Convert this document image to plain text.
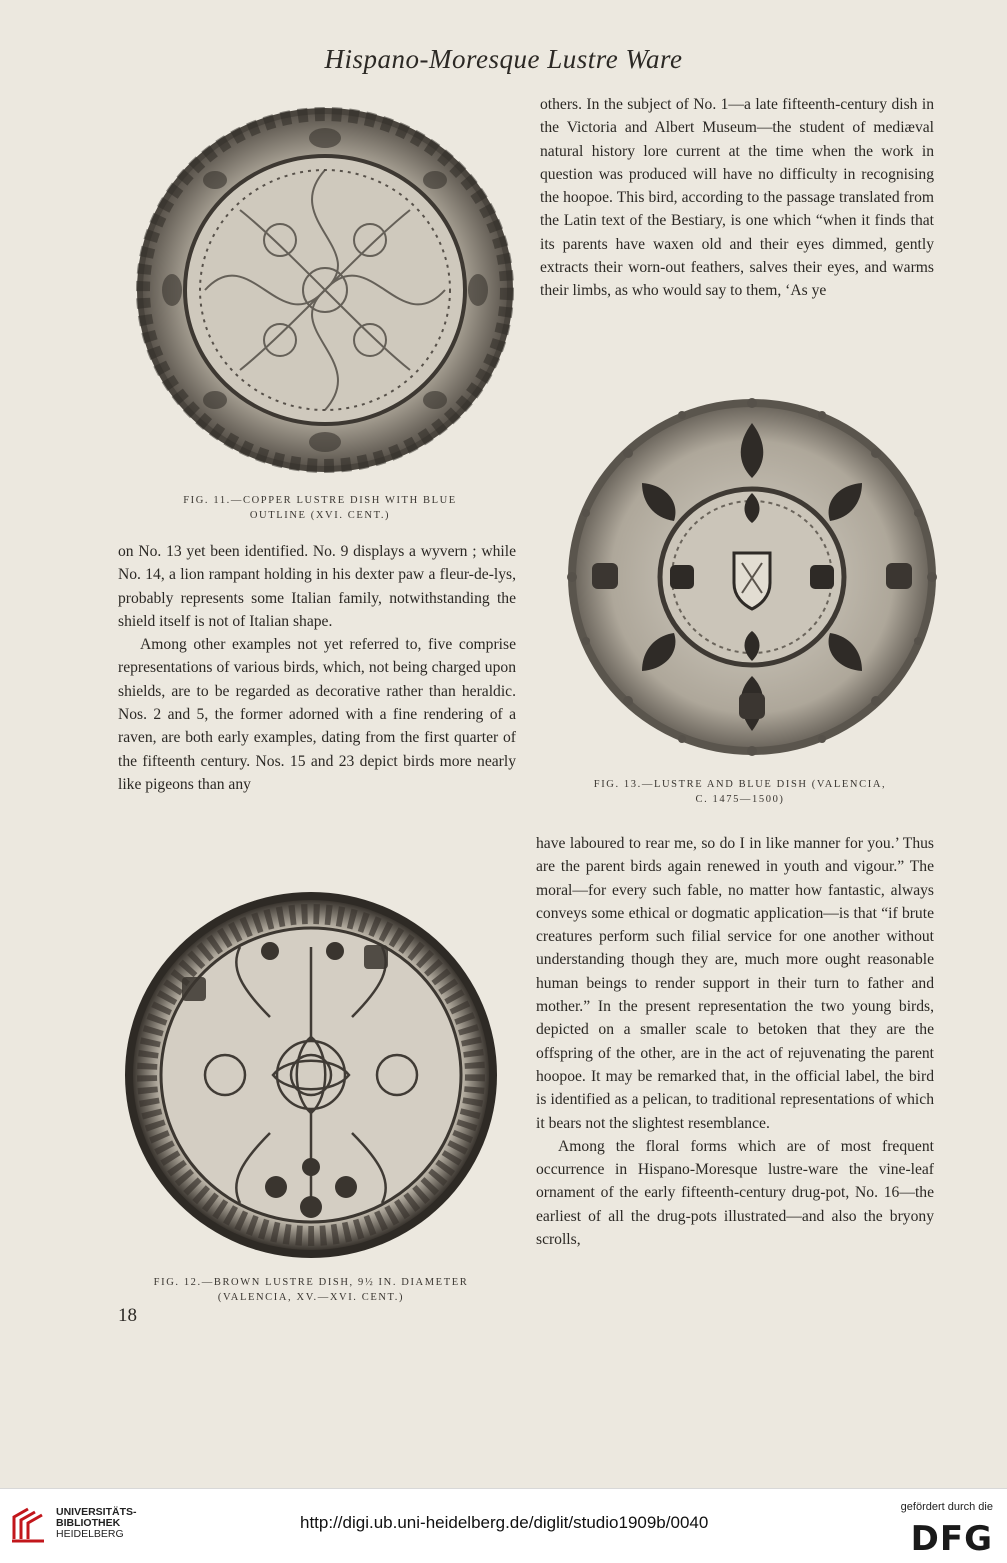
Hispano-Moresque Lustre Ware
FIG. 11.—COPPER LUSTRE DISH WITH BLUE
OUTLINE (XVI. CENT.)

others. In the subject of No. 1—a late fifteenth-century dish in the Victoria and Albert Museum—the student of mediæval natural history lore current at the time when the work in question was produced will have no difficulty in recognising the hoopoe. This bird, according to the passage translated from the Latin text of the Bestiary, is one which “when it finds that its parents have waxen old and their eyes dimmed, gently extracts their worn-out feathers, salves their eyes, and warms their limbs, as who would say to them, ‘As ye

FIG. 13.—LUSTRE AND BLUE DISH (VALENCIA,
C. 1475—1500)

on No. 13 yet been identified. No. 9 displays a wyvern ; while No. 14, a lion rampant holding in his dexter paw a fleur-de-lys, probably represents some Italian family, notwithstanding the shield itself is not of Italian shape.

Among other examples not yet referred to, five comprise representations of various birds, which, not being charged upon shields, are to be regarded as decorative rather than heraldic. Nos. 2 and 5, the former adorned with a fine rendering of a raven, are both early examples, dating from the first quarter of the fifteenth century. Nos. 15 and 23 depict birds more nearly like pigeons than any

have laboured to rear me, so do I in like manner for you.’ Thus are the parent birds again renewed in youth and vigour.” The moral—for every such fable, no matter how fantastic, always conveys some ethical or dogmatic application—is that “if brute creatures perform such filial service for one another without understanding though they are, much more ought reasonable human beings to render support in their turn to father and mother.” In the present representation the two young birds, depicted on a smaller scale to betoken that they are the offspring of the other, are in the act of rejuvenating the parent hoopoe. It may be remarked that, in the official label, the bird is identified as a pelican, to traditional representations of which it bears not the slightest resemblance.

Among the floral forms which are of most frequent occurrence in Hispano-Moresque lustre-ware the vine-leaf ornament of the early fifteenth-century drug-pot, No. 16—the earliest of all the drug-pots illustrated—and also the bryony scrolls,

FIG. 12.—BROWN LUSTRE DISH, 9½ IN. DIAMETER
(VALENCIA, XV.—XVI. CENT.)
18
UNIVERSITÄTS-
BIBLIOTHEK
HEIDELBERG
http://digi.ub.uni-heidelberg.de/diglit/studio1909b/0040
gefördert durch die
DFG
